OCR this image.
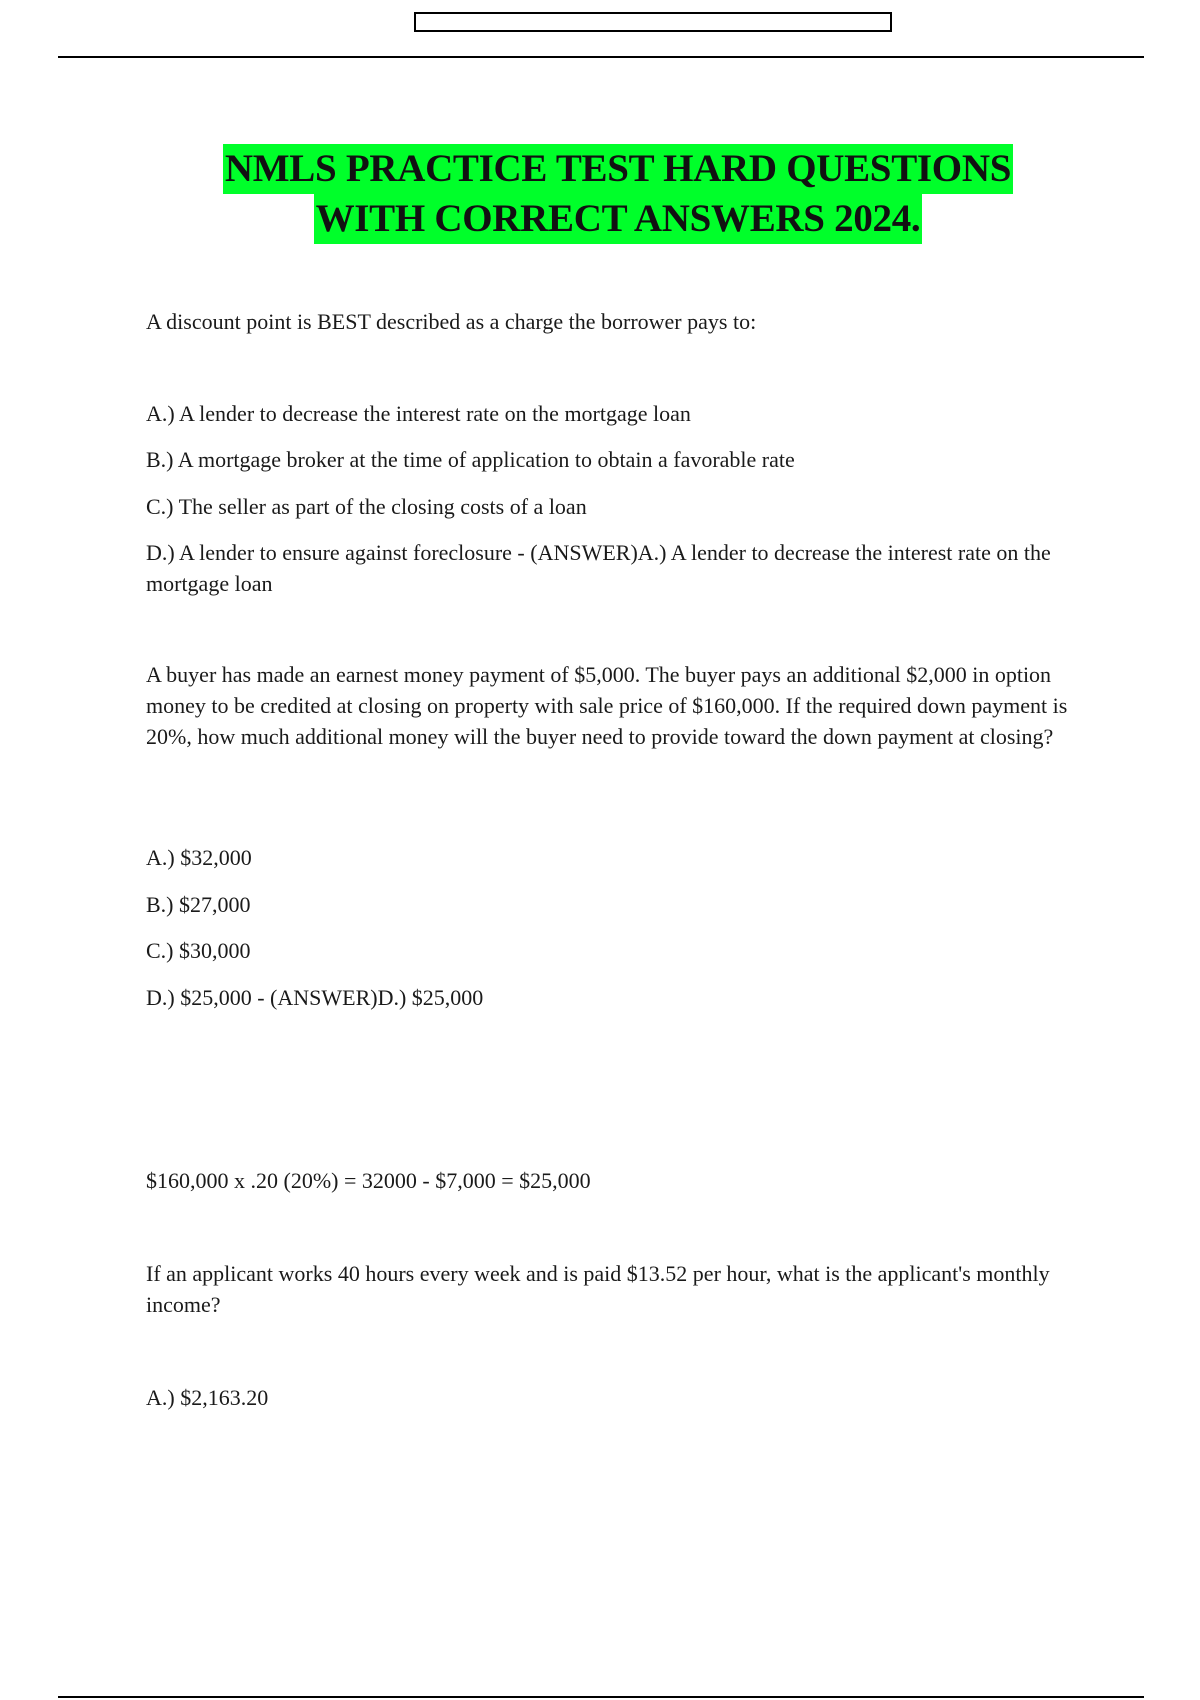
NMLS PRACTICE TEST HARD QUESTIONS
WITH CORRECT ANSWERS 2024.

A discount point is BEST described as a charge the borrower pays to:

A.) A lender to decrease the interest rate on the mortgage loan

B.) A mortgage broker at the time of application to obtain a favorable rate

C.) The seller as part of the closing costs of a loan

D.) A lender to ensure against foreclosure - (ANSWER)A.) A lender to decrease the interest rate on the mortgage loan

A buyer has made an earnest money payment of $5,000. The buyer pays an additional $2,000 in option money to be credited at closing on property with sale price of $160,000. If the required down payment is 20%, how much additional money will the buyer need to provide toward the down payment at closing?

A.) $32,000

B.) $27,000

C.) $30,000

D.) $25,000 - (ANSWER)D.) $25,000

$160,000 x .20 (20%) = 32000 - $7,000 = $25,000

If an applicant works 40 hours every week and is paid $13.52 per hour, what is the applicant's monthly income?

A.) $2,163.20
